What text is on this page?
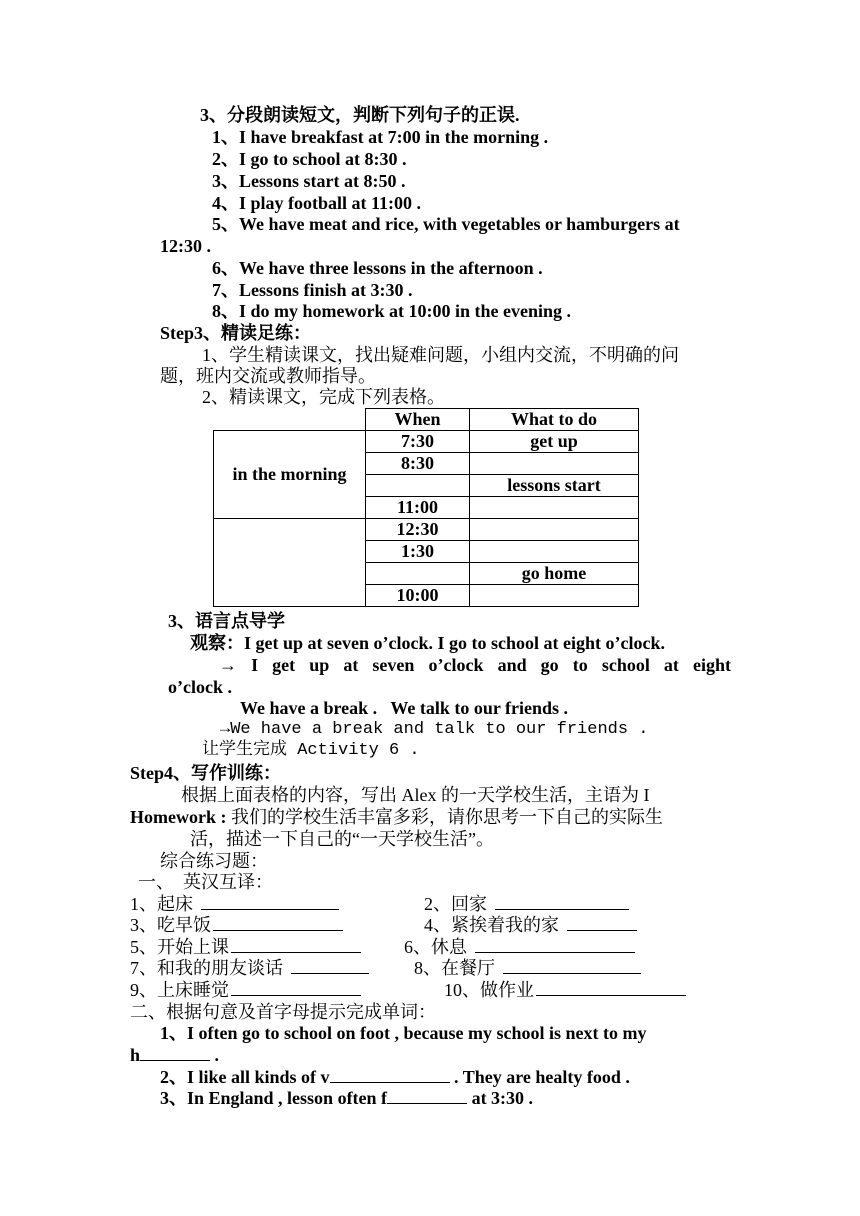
3、分段朗读短文，判断下列句子的正误.
1、I have breakfast at 7:00 in the morning .
2、I go to school at 8:30 .
3、Lessons start at 8:50 .
4、I play football at 11:00 .
5、We have meat and rice, with vegetables or hamburgers at
12:30 .
6、We have three lessons in the afternoon .
7、Lessons finish at 3:30 .
8、I do my homework at 10:00 in the evening .
Step3、精读足练：
1、学生精读课文，找出疑难问题，小组内交流，不明确的问
题，班内交流或教师指导。
2、精读课文，完成下列表格。
	When	What to do
in the morning	7:30	get up
	8:30	
		lessons start
	11:00	
	12:30	
	1:30	
		go home
	10:00	
3、语言点导学
观察：I get up at seven o’clock. I go to school at eight o’clock.
→ I get up at seven o’clock and go to school at eight
o’clock .
We have a break .   We talk to our friends .
→We have a break and talk to our friends .
让学生完成 Activity 6 .
Step4、写作训练：
根据上面表格的内容，写出 Alex 的一天学校生活，主语为 I
Homework : 我们的学校生活丰富多彩，请你思考一下自己的实际生
活，描述一下自己的“一天学校生活”。
综合练习题：
一、  英汉互译：
1、起床	2、回家
3、吃早饭	4、紧挨着我的家
5、开始上课	6、休息
7、和我的朋友谈话	8、在餐厅
9、上床睡觉	10、做作业
二、根据句意及首字母提示完成单词：
1、I often go to school on foot , because my school is next to my
h	.
2、I like all kinds of v	. They are healty food .
3、In England , lesson often f	at 3:30 .
